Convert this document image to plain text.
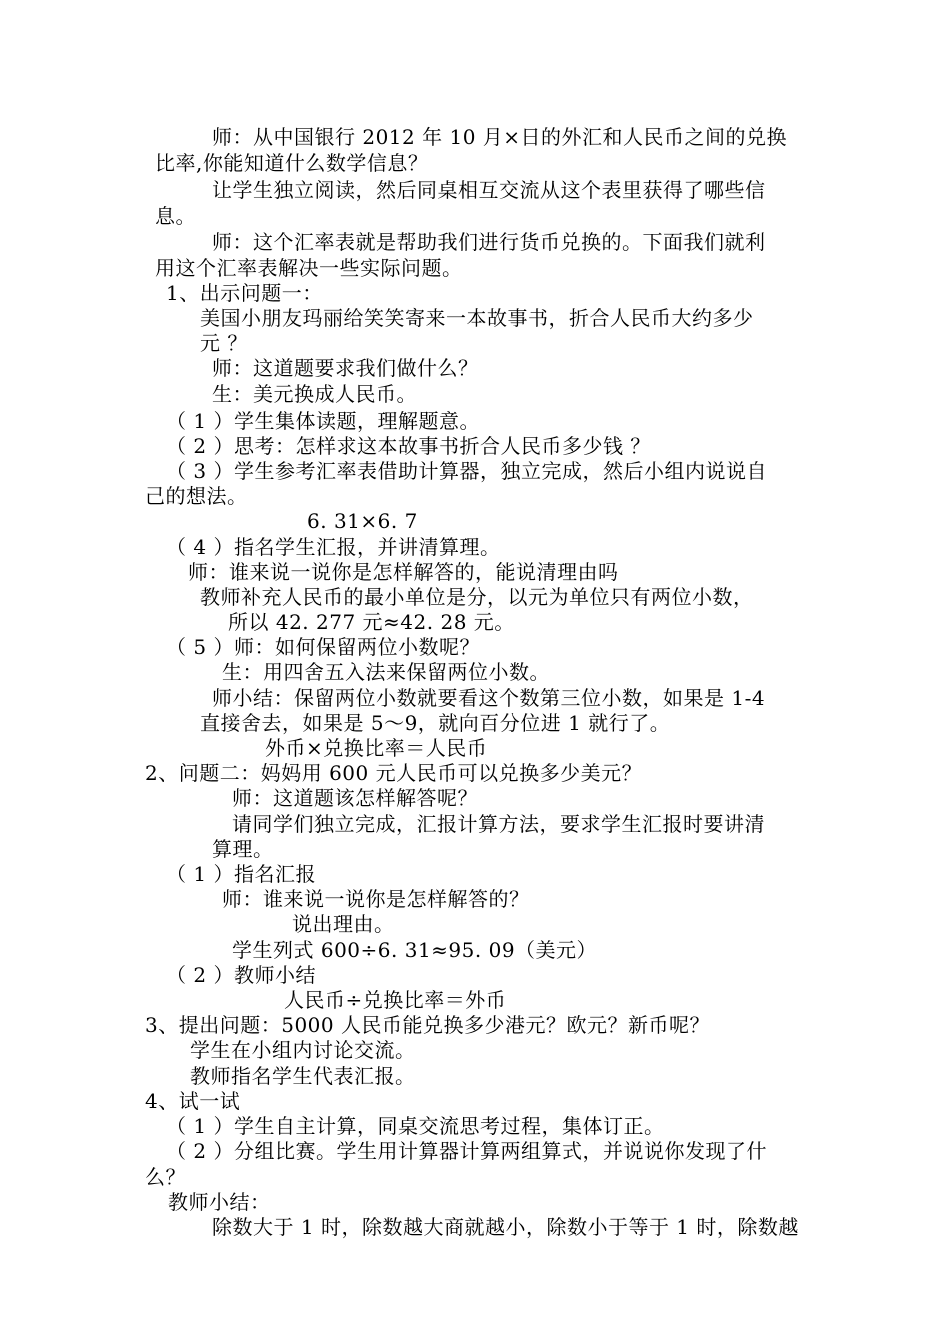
师：从中国银行 2012 年 10 月×日的外汇和人民币之间的兑换
比率,你能知道什么数学信息？
让学生独立阅读，然后同桌相互交流从这个表里获得了哪些信
息。
师：这个汇率表就是帮助我们进行货币兑换的。下面我们就利
用这个汇率表解决一些实际问题。
1、出示问题一：
美国小朋友玛丽给笑笑寄来一本故事书，折合人民币大约多少
元 ？
师：这道题要求我们做什么？
生：美元换成人民币。
（ 1 ）学生集体读题，理解题意。
（ 2 ）思考：怎样求这本故事书折合人民币多少钱 ？
（ 3 ）学生参考汇率表借助计算器，独立完成，然后小组内说说自
己的想法。
6. 31×6. 7
（ 4 ）指名学生汇报，并讲清算理。
师：谁来说一说你是怎样解答的，能说清理由吗
教师补充人民币的最小单位是分，以元为单位只有两位小数，
所以 42. 277 元≈42. 28 元。
（ 5 ）师：如何保留两位小数呢？
生：用四舍五入法来保留两位小数。
师小结：保留两位小数就要看这个数第三位小数，如果是 1-4
直接舍去，如果是 5～9，就向百分位进 1 就行了。
外币×兑换比率＝人民币
2、问题二：妈妈用 600 元人民币可以兑换多少美元？
师：这道题该怎样解答呢？
请同学们独立完成，汇报计算方法，要求学生汇报时要讲清
算理。
（ 1 ）指名汇报
师：谁来说一说你是怎样解答的？
说出理由。
学生列式 600÷6. 31≈95. 09（美元）
（ 2 ）教师小结
人民币÷兑换比率＝外币
3、提出问题：5000 人民币能兑换多少港元？欧元？新币呢？
学生在小组内讨论交流。
教师指名学生代表汇报。
4、试一试
（ 1 ）学生自主计算，同桌交流思考过程，集体订正。
（ 2 ）分组比赛。学生用计算器计算两组算式，并说说你发现了什
么？
教师小结：
除数大于 1 时，除数越大商就越小，除数小于等于 1 时，除数越
